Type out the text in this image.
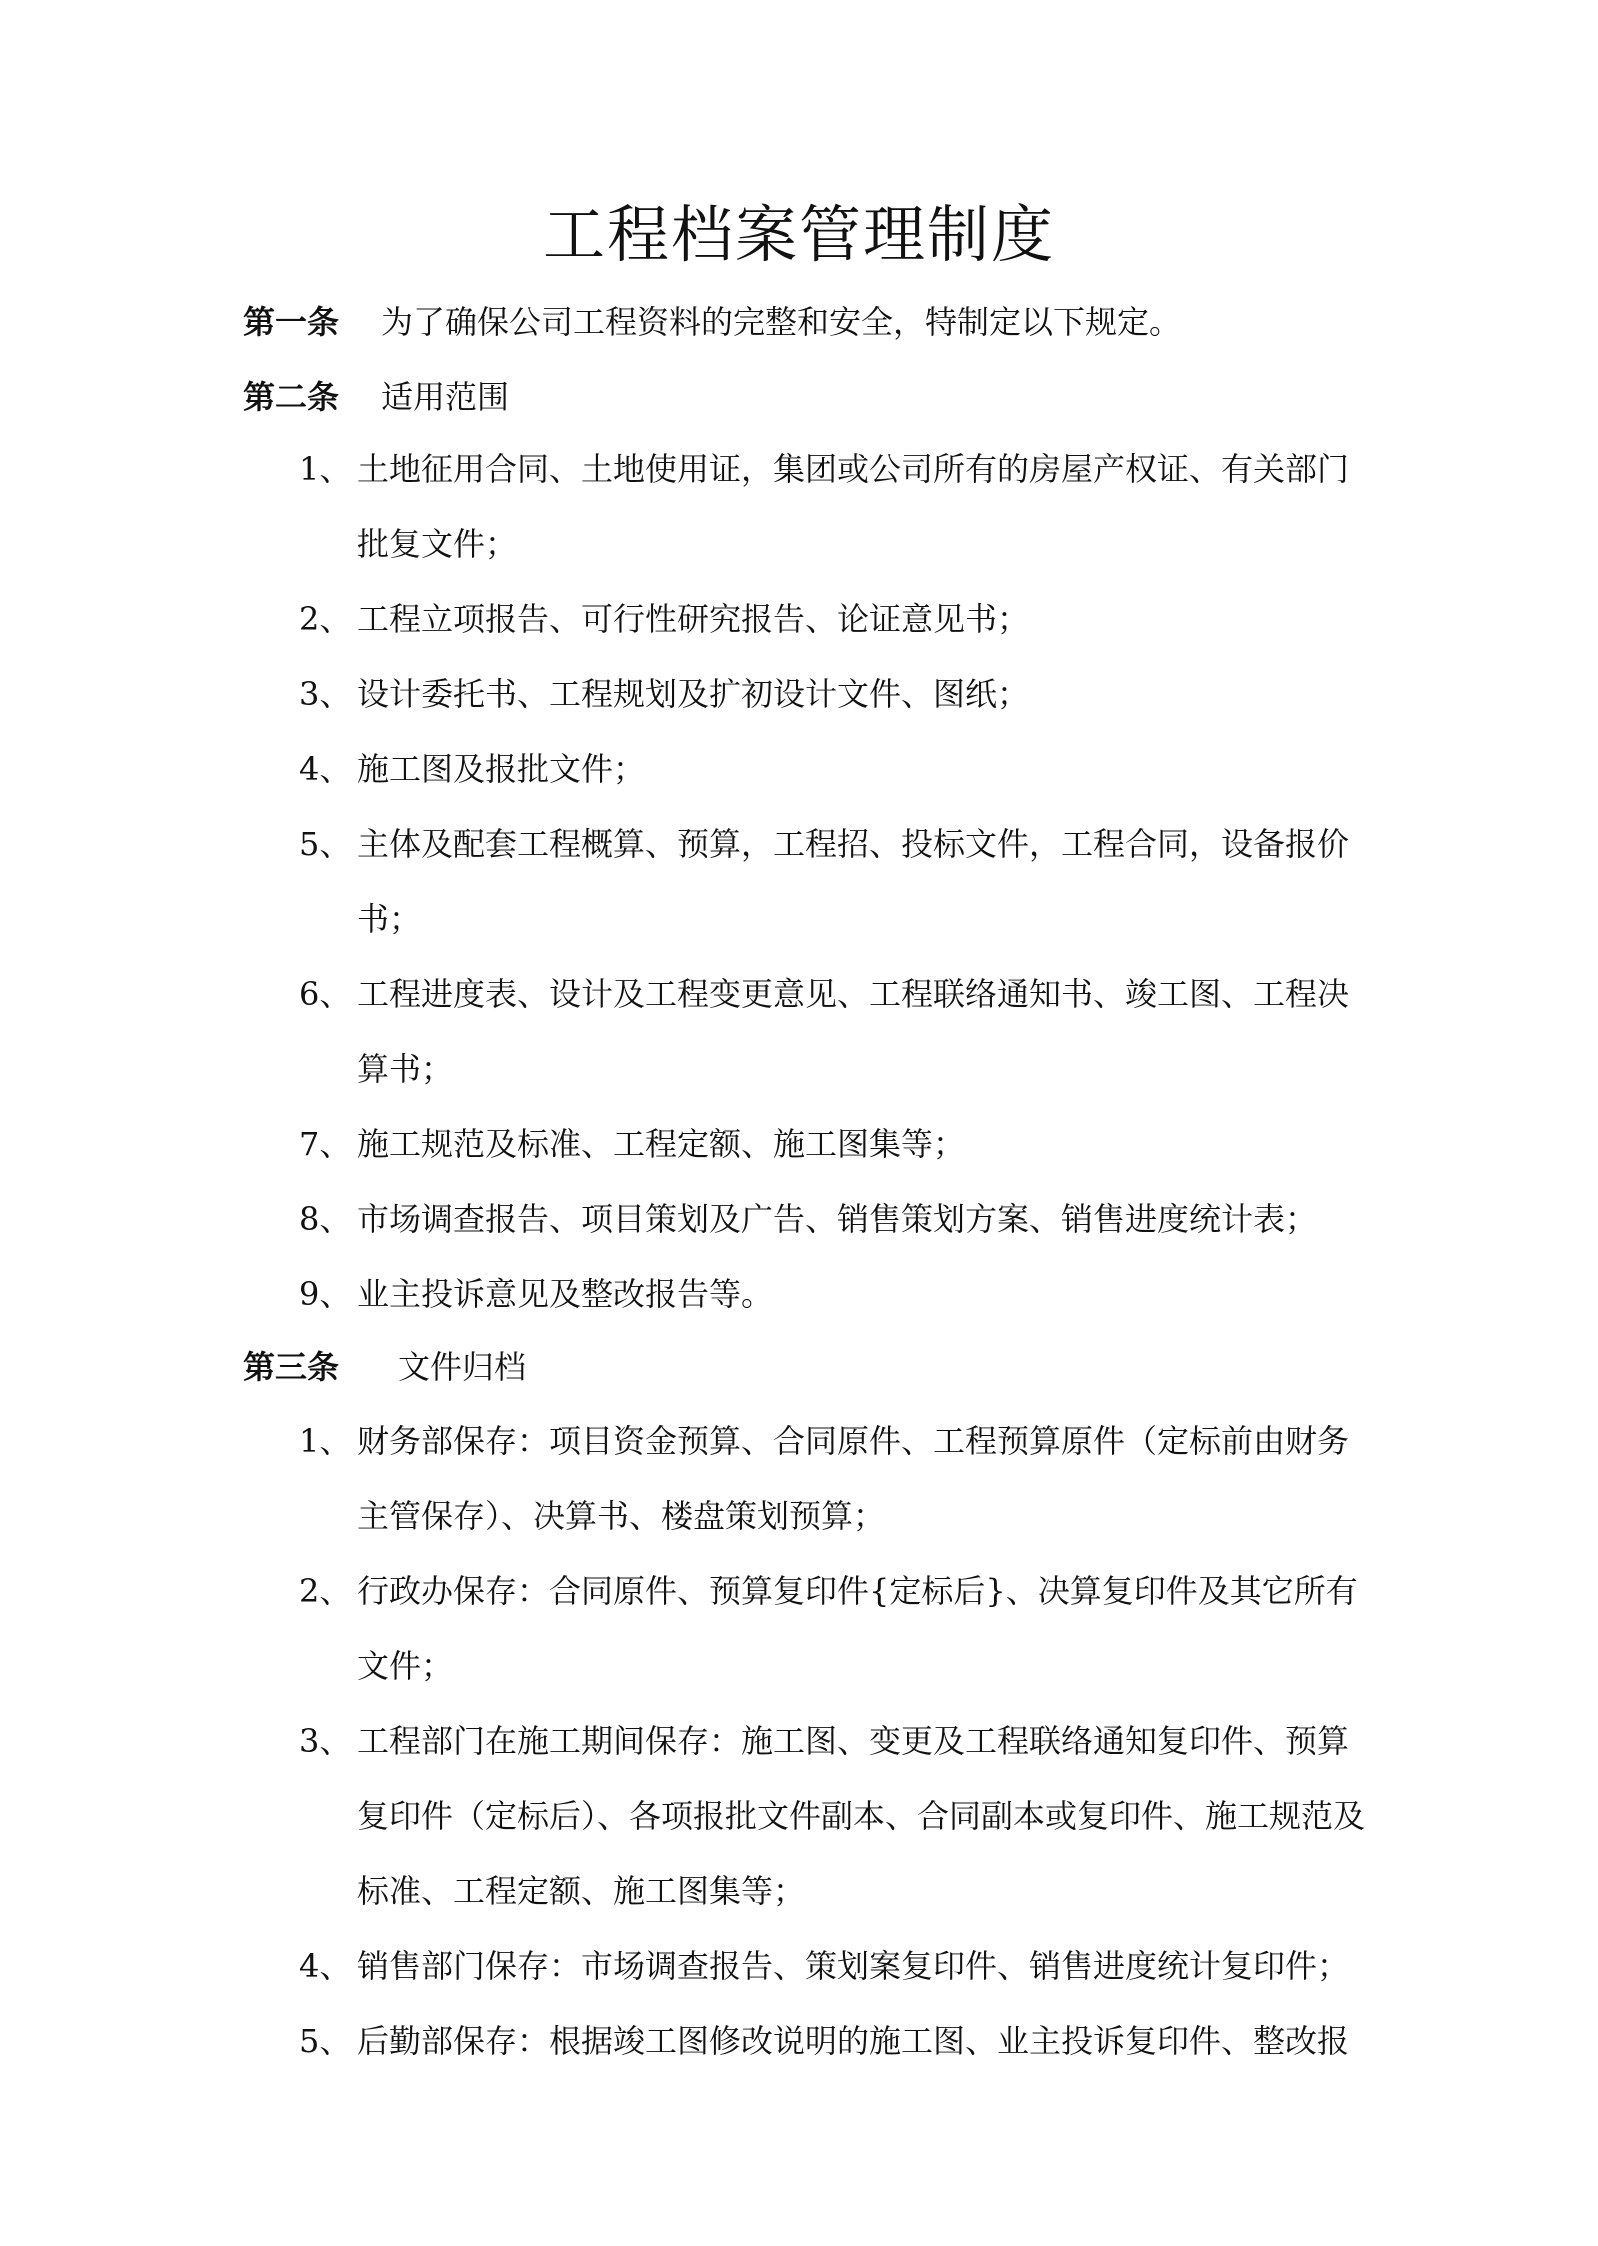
工程档案管理制度
第一条 为了确保公司工程资料的完整和安全，特制定以下规定。
第二条 适用范围
1、 土地征用合同、土地使用证，集团或公司所有的房屋产权证、有关部门
批复文件；
2、 工程立项报告、可行性研究报告、论证意见书；
3、 设计委托书、工程规划及扩初设计文件、图纸；
4、 施工图及报批文件；
5、 主体及配套工程概算、预算，工程招、投标文件，工程合同，设备报价
书；
6、 工程进度表、设计及工程变更意见、工程联络通知书、竣工图、工程决
算书；
7、 施工规范及标准、工程定额、施工图集等；
8、 市场调查报告、项目策划及广告、销售策划方案、销售进度统计表；
9、 业主投诉意见及整改报告等。
第三条 文件归档
1、 财务部保存：项目资金预算、合同原件、工程预算原件（定标前由财务
主管保存）、决算书、楼盘策划预算；
2、 行政办保存：合同原件、预算复印件{定标后}、决算复印件及其它所有
文件；
3、 工程部门在施工期间保存：施工图、变更及工程联络通知复印件、预算
复印件（定标后）、各项报批文件副本、合同副本或复印件、施工规范及
标准、工程定额、施工图集等；
4、 销售部门保存：市场调查报告、策划案复印件、销售进度统计复印件；
5、 后勤部保存：根据竣工图修改说明的施工图、业主投诉复印件、整改报
